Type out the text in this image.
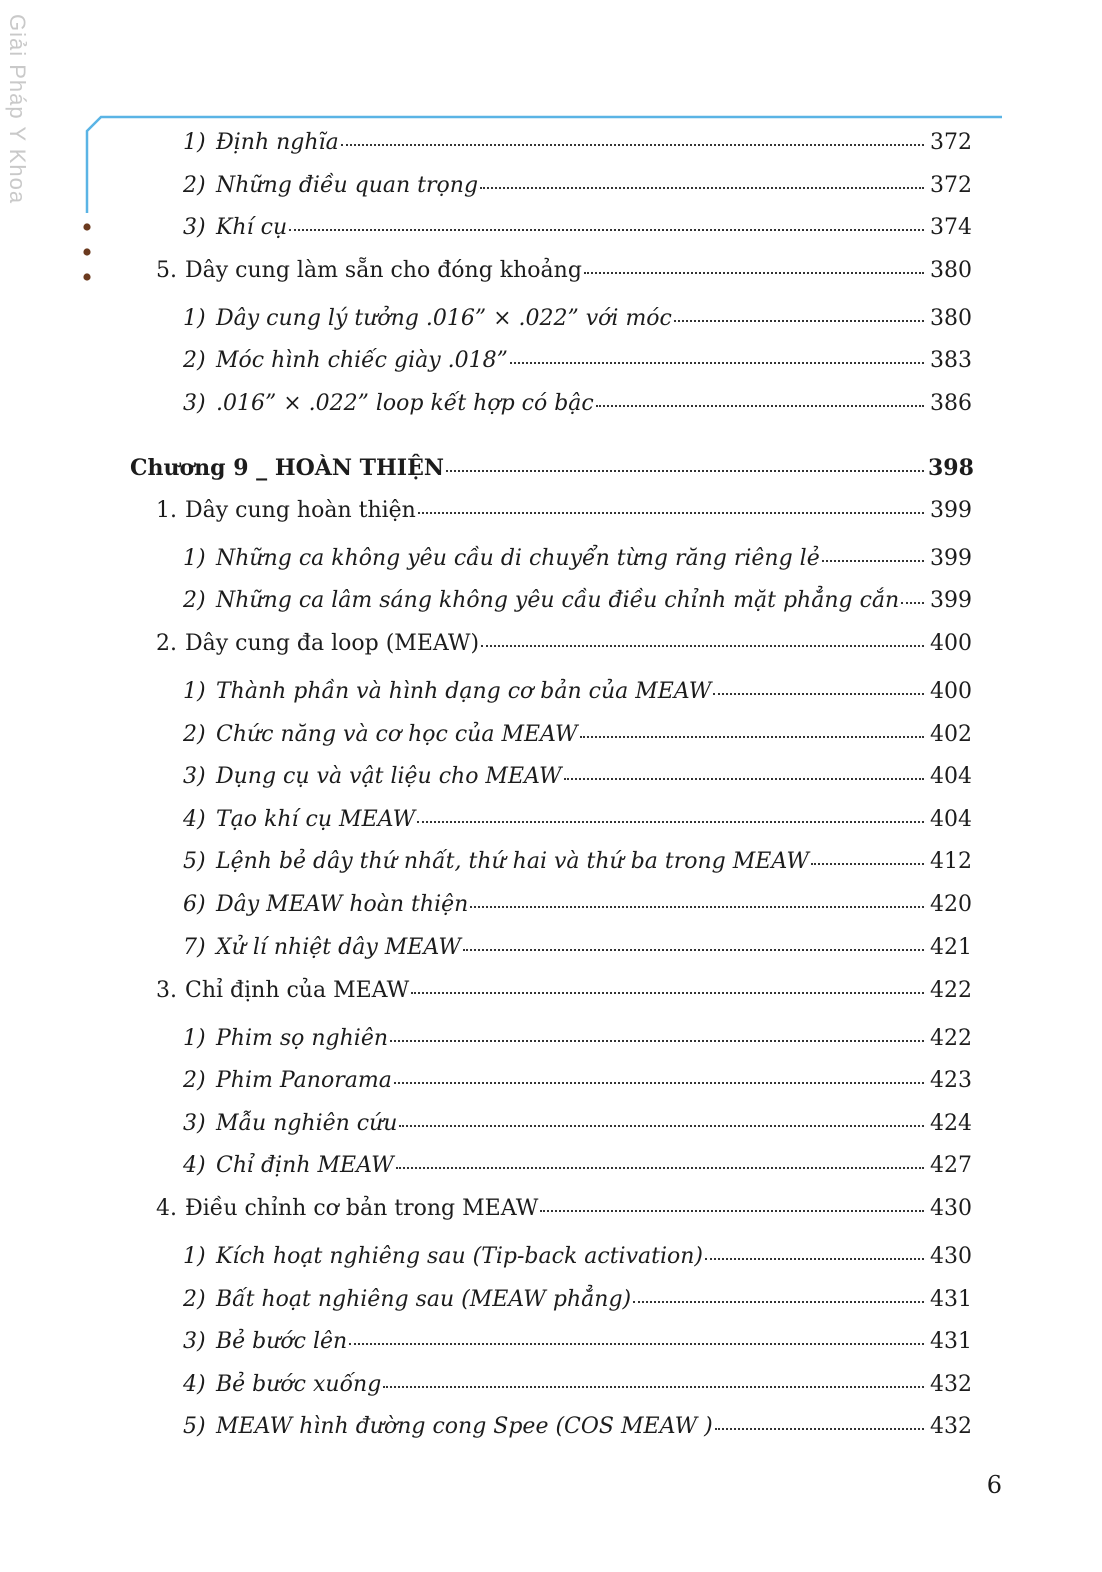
Giải Pháp Y Khoa	1) Định nghĩa	372
2) Những điều quan trọng	372
3) Khí cụ	374
5. Dây cung làm sẵn cho đóng khoảng	380
1) Dây cung lý tưởng .016” × .022” với móc	380
2) Móc hình chiếc giày .018”	383
3) .016” × .022” loop kết hợp có bậc	386
Chương 9 _ HOÀN THIỆN	398
1. Dây cung hoàn thiện	399
1) Những ca không yêu cầu di chuyển từng răng riêng lẻ	399
2) Những ca lâm sáng không yêu cầu điều chỉnh mặt phẳng cắn 399
2. Dây cung đa loop (MEAW)	400
1) Thành phần và hình dạng cơ bản của MEAW	400
2) Chức năng và cơ học của MEAW	402
3) Dụng cụ và vật liệu cho MEAW	404
4) Tạo khí cụ MEAW	404
5) Lệnh bẻ dây thứ nhất, thứ hai và thứ ba trong MEAW	412
6) Dây MEAW hoàn thiện	420
7) Xử lí nhiệt dây MEAW	421
3. Chỉ định của MEAW	422
1) Phim sọ nghiên	422
2) Phim Panorama	423
3) Mẫu nghiên cứu	424
4) Chỉ định MEAW	427
4. Điều chỉnh cơ bản trong MEAW	430
1) Kích hoạt nghiêng sau (Tip-back activation)	430
2) Bất hoạt nghiêng sau (MEAW phẳng)	431
3) Bẻ bước lên	431
4) Bẻ bước xuống	432
5) MEAW hình đường cong Spee (COS MEAW )	432
6
